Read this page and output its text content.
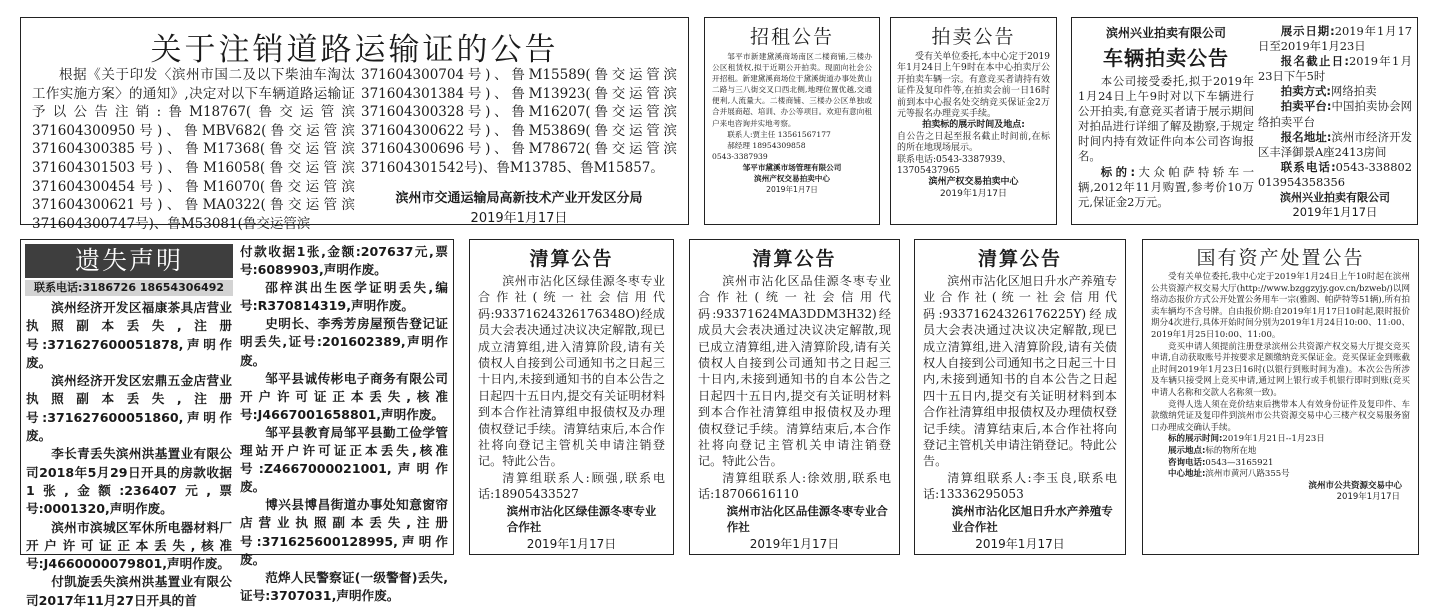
关于注销道路运输证的公告

根据《关于印发〈滨州市国二及以下柴油车淘汰工作实施方案〉的通知》,决定对以下车辆道路运输证予以公告注销:鲁M18767(鲁交运管滨371604300950号)、鲁MBV682(鲁交运管滨371604300385号)、鲁M17368(鲁交运管滨371604301503号)、鲁M16058(鲁交运管滨371604300454号)、鲁M16070(鲁交运管滨371604300621号)、鲁MA0322(鲁交运管滨371604300747号)、鲁M53081(鲁交运管滨

371604300704号)、鲁M15589(鲁交运管滨371604301384号)、鲁M13923(鲁交运管滨371604300328号)、鲁M16207(鲁交运管滨371604300622号)、鲁M53869(鲁交运管滨371604300696号)、鲁M78672(鲁交运管滨371604301542号)、鲁M13785、鲁M15857。

滨州市交通运输局高新技术产业开发区分局
2019年1月17日
招租公告

邹平市新建黛溪商场南区二楼商铺,三楼办公区租赁权,拟于近期公开拍卖。现面向社会公开招租。新建黛溪商场位于黛溪街道办事处黄山二路与三八街交叉口西北侧,地理位置优越,交通便利,人流量大。二楼商铺、三楼办公区单独或合并展商超、培训、办公等项目。欢迎有意向租户来电咨询并实地考察。

联系人:贾主任 13561567177
郝经理 18954309858
0543-3387939
邹平市黛溪市场管理有限公司
滨州产权交易拍卖中心
2019年1月7日
拍卖公告

受有关单位委托,本中心定于2019年1月24日上午9时在本中心拍卖厅公开拍卖车辆一宗。有意竞买者请持有效证件及复印件等,在拍卖会前一日16时前到本中心报名处交纳竞买保证金2万元等报名办理竞买手续。

拍卖标的展示时间及地点:

自公告之日起至报名截止时间前,在标的所在地现场展示。

联系电话:0543-3387939、13705437965
滨州产权交易拍卖中心
2019年1月17日
滨州兴业拍卖有限公司
车辆拍卖公告

本公司接受委托,拟于2019年1月24日上午9时对以下车辆进行公开拍卖,有意竞买者请于展示期间对拍品进行详细了解及勘察,于规定时间内持有效证件向本公司咨询报名。

标的:大众帕萨特轿车一辆,2012年11月购置,参考价10万元,保证金2万元。

展示日期:2019年1月17日至2019年1月23日

报名截止日:2019年1月23日下午5时

拍卖方式:网络拍卖

拍卖平台:中国拍卖协会网络拍卖平台

报名地址:滨州市经济开发区丰泽御景A座2413房间

联系电话:0543-338802013954358356

滨州兴业拍卖有限公司
2019年1月17日
遗失声明
联系电话:3186726 18654306492

滨州经济开发区福康茶具店营业执照副本丢失,注册号:371627600051878,声明作废。

滨州经济开发区宏鼎五金店营业执照副本丢失,注册号:371627600051860,声明作废。

李长青丢失滨州洪基置业有限公司2018年5月29日开具的房款收据1张,金额:236407元,票号:0001320,声明作废。

滨州市滨城区军休所电器材料厂开户许可证正本丢失,核准号:J4660000079801,声明作废。

付凯旋丢失滨州洪基置业有限公司2017年11月27日开具的首

付款收据1张,金额:207637元,票号:6089903,声明作废。

邵梓淇出生医学证明丢失,编号:R370814319,声明作废。

史明长、李秀芳房屋预告登记证明丢失,证号:201602389,声明作废。

邹平县诚传彬电子商务有限公司开户许可证正本丢失,核准号:J4667001658801,声明作废。

邹平县教育局邹平县勤工俭学管理站开户许可证正本丢失,核准号:Z4667000021001,声明作废。

博兴县博昌街道办事处知意窗帘店营业执照副本丢失,注册号:371625600128995,声明作废。

范烨人民警察证(一级警督)丢失,证号:3707031,声明作废。

清算公告

滨州市沾化区绿佳源冬枣专业合作社(统一社会信用代码:93371624326176348O)经成员大会表决通过决议决定解散,现已成立清算组,进入清算阶段,请有关债权人自接到公司通知书之日起三十日内,未接到通知书的自本公告之日起四十五日内,提交有关证明材料到本合作社清算组申报债权及办理债权登记手续。清算结束后,本合作社将向登记主管机关申请注销登记。特此公告。

清算组联系人:顾强,联系电话:18905433527

滨州市沾化区绿佳源冬枣专业合作社
2019年1月17日
清算公告

滨州市沾化区品佳源冬枣专业合作社(统一社会信用代码:93371624MA3DDM3H32)经成员大会表决通过决议决定解散,现已成立清算组,进入清算阶段,请有关债权人自接到公司通知书之日起三十日内,未接到通知书的自本公告之日起四十五日内,提交有关证明材料到本合作社清算组申报债权及办理债权登记手续。清算结束后,本合作社将向登记主管机关申请注销登记。特此公告。

清算组联系人:徐效朋,联系电话:18706616110

滨州市沾化区品佳源冬枣专业合作社
2019年1月17日
清算公告

滨州市沾化区旭日升水产养殖专业合作社(统一社会信用代码:93371624326176225Y)经成员大会表决通过决议决定解散,现已成立清算组,进入清算阶段,请有关债权人自接到公司通知书之日起三十日内,未接到通知书的自本公告之日起四十五日内,提交有关证明材料到本合作社清算组申报债权及办理债权登记手续。清算结束后,本合作社将向登记主管机关申请注销登记。特此公告。

清算组联系人:李玉良,联系电话:13336295053

滨州市沾化区旭日升水产养殖专业合作社
2019年1月17日
国有资产处置公告

受有关单位委托,我中心定于2019年1月24日上午10时起在滨州公共资源产权交易大厅(http://www.bzggzyjy.gov.cn/bzweb/)以网络动态报价方式公开处置公务用车一宗(雅阁、帕萨特等51辆),所有拍卖车辆均不含号牌。自由报价期:自2019年1月17日10时起,限时报价期分4次进行,具体开始时间分别为2019年1月24日10:00、11:00、2019年1月25日10:00、11:00。

竞买申请人须提前注册登录滨州公共资源产权交易大厅提交竞买申请,自动获取账号并按要求足额缴纳竞买保证金。竞买保证金到账截止时间2019年1月23日16时(以银行到账时间为准)。本次公告所涉及车辆只接受网上竞买申请,通过网上银行或手机银行即时到账(竞买申请人名称和交款人名称须一致)。

竞得人选人须在竞价结束后携带本人有效身份证件及复印件、车款缴纳凭证及复印件到滨州市公共资源交易中心三楼产权交易服务窗口办理成交确认手续。

标的展示时间:2019年1月21日--1月23日

展示地点:标的物所在地

咨询电话:0543—3165921

中心地址:滨州市黄河八路355号

滨州市公共资源交易中心
2019年1月17日
